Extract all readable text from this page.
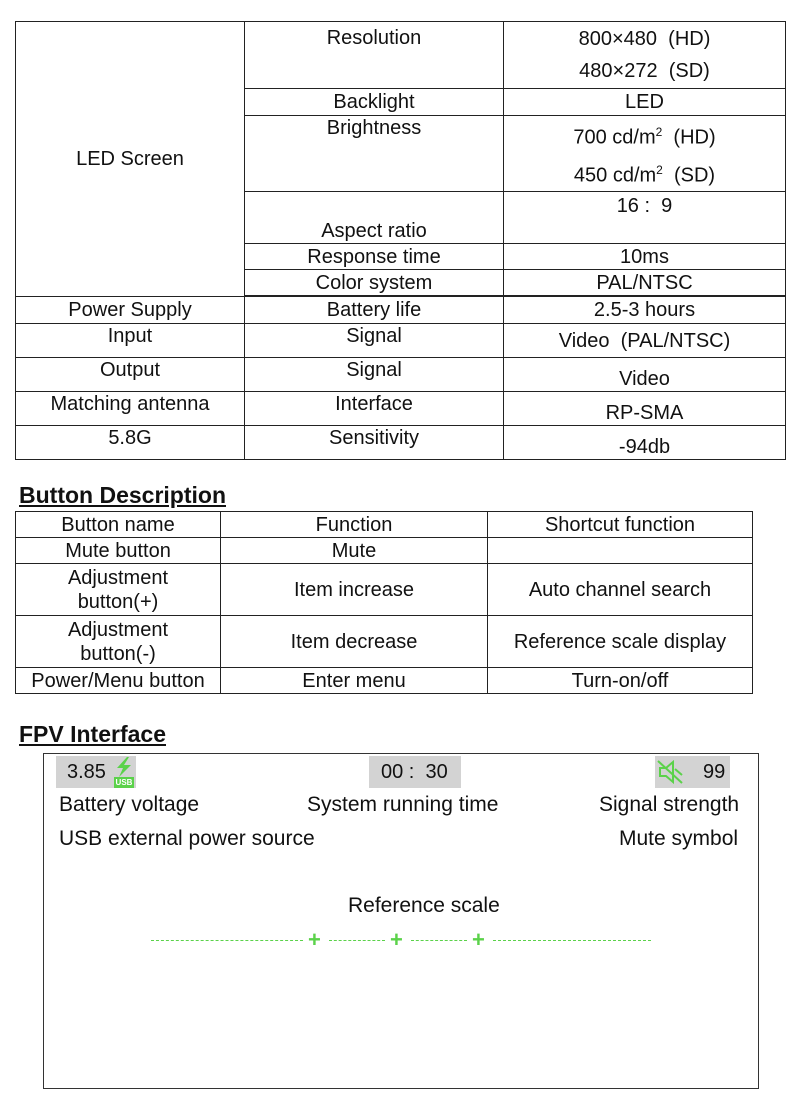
LED Screen	Resolution	800×480  (HD)
480×272  (SD)

	Backlight	LED
	Brightness	700 $cd/m^2$  (HD)
450 $cd/m^2$  (SD)

	Aspect ratio	16 :  9
	Response time	10ms
	Color system	PAL/NTSC

Power Supply	Battery life	2.5-3 hours
Input	Signal	Video  (PAL/NTSC)
Output	Signal	Video
Matching antenna	Interface	RP-SMA
5.8G	Sensitivity	-94db
Button Description
Button name	Function	Shortcut function
Mute button	Mute	

Adjustment
button(+)	Item increase	Auto channel search

Adjustment
button(-)	Item decrease	Reference scale display
Power/Menu button	Enter menu	Turn-on/off
FPV Interface
3.85 USB	00 :  30	99
Battery voltage	System running time	Signal strength
USB external power source	Mute symbol
Reference scale
+	+	+
